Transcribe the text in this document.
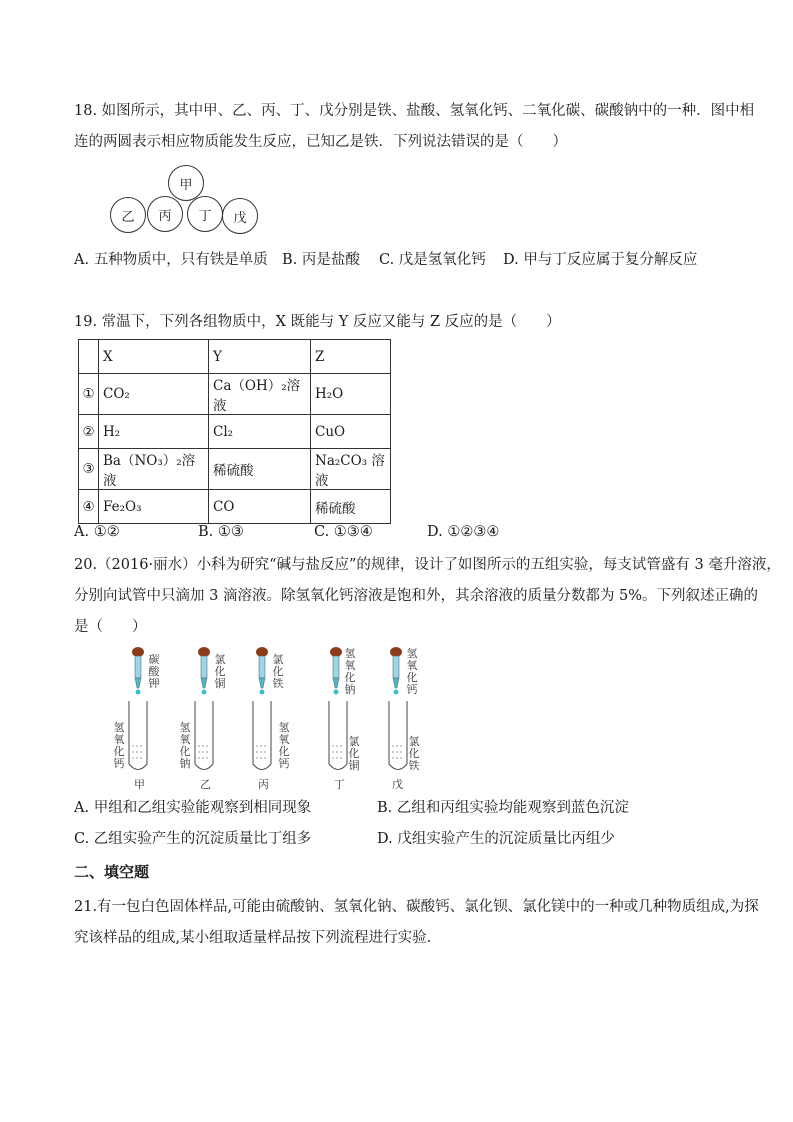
18. 如图所示，其中甲、乙、丙、丁、戊分别是铁、盐酸、氢氧化钙、二氧化碳、碳酸钠中的一种．图中相
连的两圆表示相应物质能发生反应，已知乙是铁．下列说法错误的是（　　）
甲
乙	丙	丁	戊
A. 五种物质中，只有铁是单质 B. 丙是盐酸 C. 戊是氢氧化钙 D. 甲与丁反应属于复分解反应
19. 常温下，下列各组物质中，X 既能与 Y 反应又能与 Z 反应的是（　　）
	X	Y	Z
①	CO₂	Ca（OH）₂溶液	H₂O
②	H₂	Cl₂	CuO
③	Ba（NO₃）₂溶液	稀硫酸	Na₂CO₃ 溶液
④	Fe₂O₃	CO	稀硫酸
A. ①②	B. ①③	C. ①③④	D. ①②③④
20.（2016·丽水）小科为研究“碱与盐反应”的规律，设计了如图所示的五组实验，每支试管盛有 3 毫升溶液，
分别向试管中只滴加 3 滴溶液。除氢氧化钙溶液是饱和外，其余溶液的质量分数都为 5%。下列叙述正确的
是（　　）
碳酸钾
氢氧化钙
甲
氯化铜
氢氧化钠
乙
氯化铁
氢氧化钙
丙
氢氧化钠
氯化铜
丁
氢氧化钙
氯化铁
戊
A. 甲组和乙组实验能观察到相同现象	B. 乙组和丙组实验均能观察到蓝色沉淀
C. 乙组实验产生的沉淀质量比丁组多	D. 戊组实验产生的沉淀质量比丙组少
二、填空题
21.有一包白色固体样品,可能由硫酸钠、氢氧化钠、碳酸钙、氯化钡、氯化镁中的一种或几种物质组成,为探
究该样品的组成,某小组取适量样品按下列流程进行实验.
